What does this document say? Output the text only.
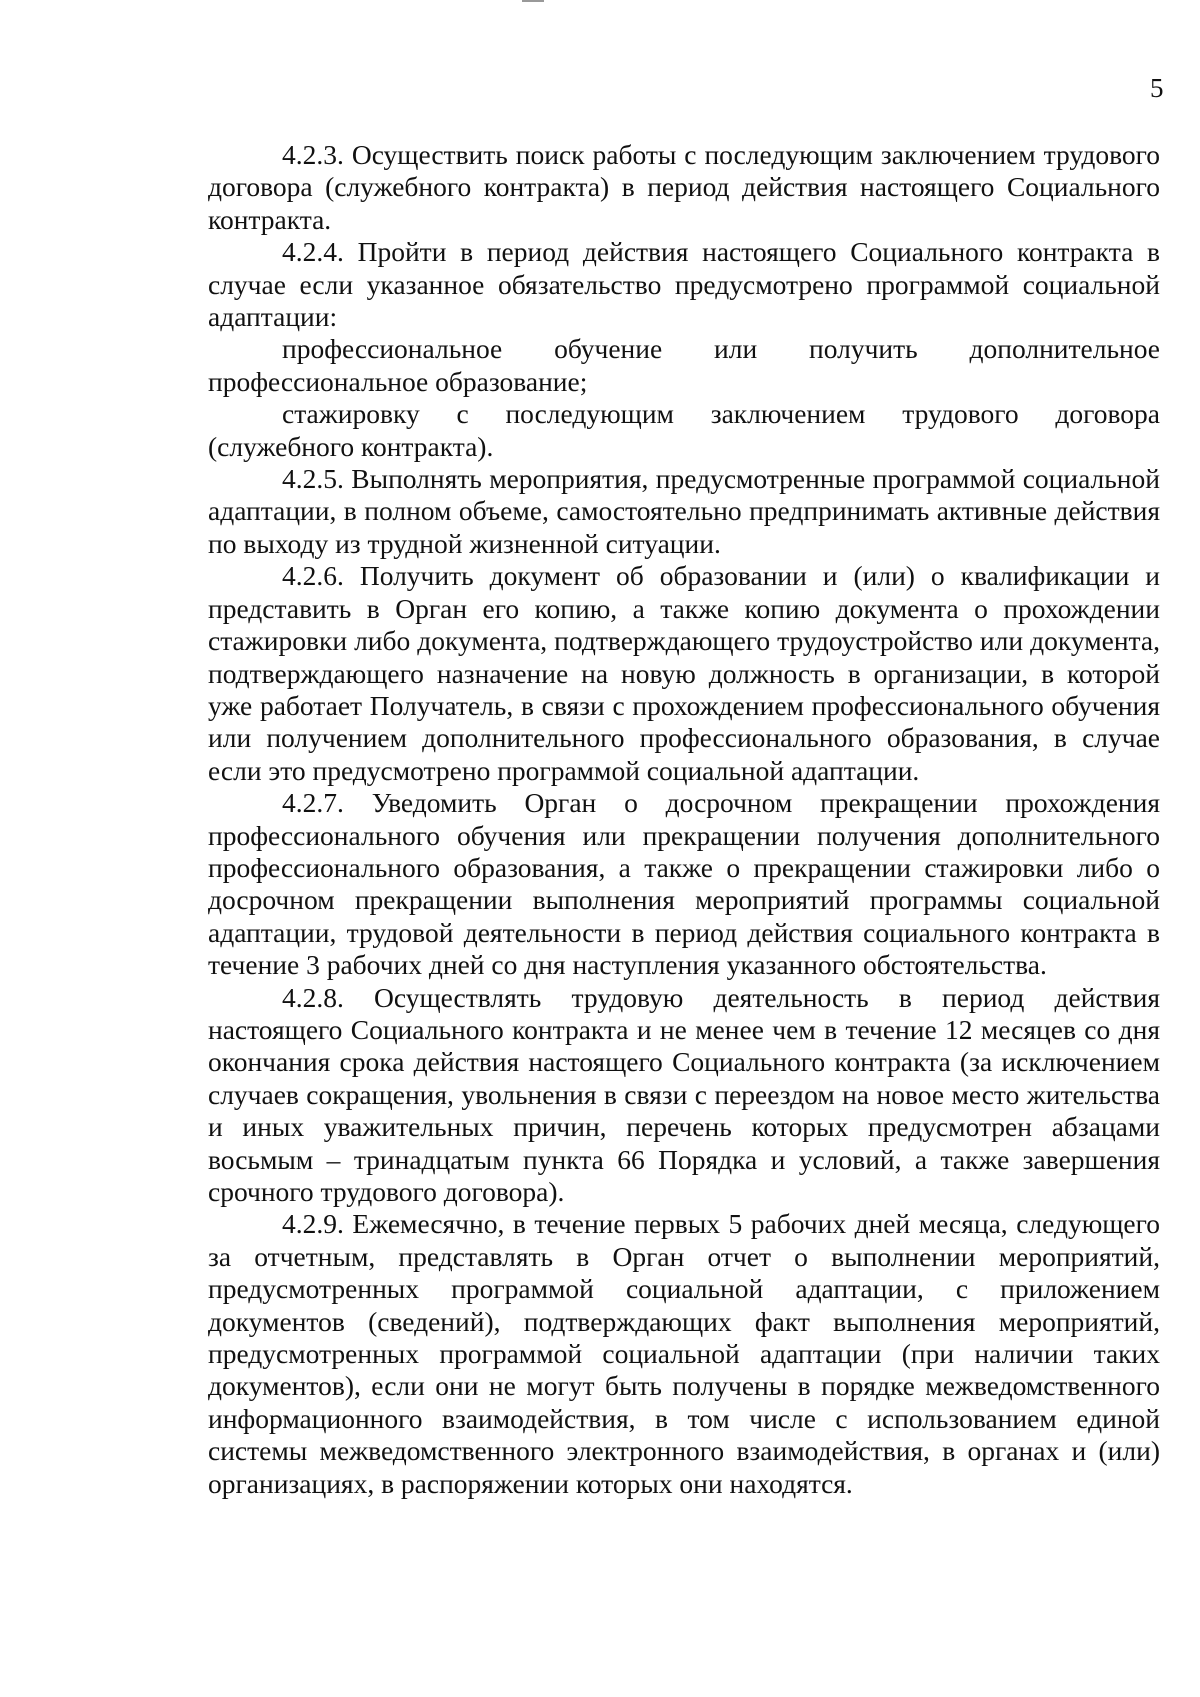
5

4.2.3. Осуществить поиск работы с последующим заключением трудового договора (служебного контракта) в период действия настоящего Социального контракта.

4.2.4. Пройти в период действия настоящего Социального контракта в случае если указанное обязательство предусмотрено программой социальной адаптации:

профессиональное обучение или получить дополнительное профессиональное образование;

стажировку с последующим заключением трудового договора (служебного контракта).

4.2.5. Выполнять мероприятия, предусмотренные программой социальной адаптации, в полном объеме, самостоятельно предпринимать активные действия по выходу из трудной жизненной ситуации.

4.2.6. Получить документ об образовании и (или) о квалификации и представить в Орган его копию, а также копию документа о прохождении стажировки либо документа, подтверждающего трудоустройство или документа, подтверждающего назначение на новую должность в организации, в которой уже работает Получатель, в связи с прохождением профессионального обучения или получением дополнительного профессионального образования, в случае если это предусмотрено программой социальной адаптации.

4.2.7. Уведомить Орган о досрочном прекращении прохождения профессионального обучения или прекращении получения дополнительного профессионального образования, а также о прекращении стажировки либо о досрочном прекращении выполнения мероприятий программы социальной адаптации, трудовой деятельности в период действия социального контракта в течение 3 рабочих дней со дня наступления указанного обстоятельства.

4.2.8. Осуществлять трудовую деятельность в период действия настоящего Социального контракта и не менее чем в течение 12 месяцев со дня окончания срока действия настоящего Социального контракта (за исключением случаев сокращения, увольнения в связи с переездом на новое место жительства и иных уважительных причин, перечень которых предусмотрен абзацами восьмым – тринадцатым пункта 66 Порядка и условий, а также завершения срочного трудового договора).

4.2.9. Ежемесячно, в течение первых 5 рабочих дней месяца, следующего за отчетным, представлять в Орган отчет о выполнении мероприятий, предусмотренных программой социальной адаптации, с приложением документов (сведений), подтверждающих факт выполнения мероприятий, предусмотренных программой социальной адаптации (при наличии таких документов), если они не могут быть получены в порядке межведомственного информационного взаимодействия, в том числе с использованием единой системы межведомственного электронного взаимодействия, в органах и (или) организациях, в распоряжении которых они находятся.
